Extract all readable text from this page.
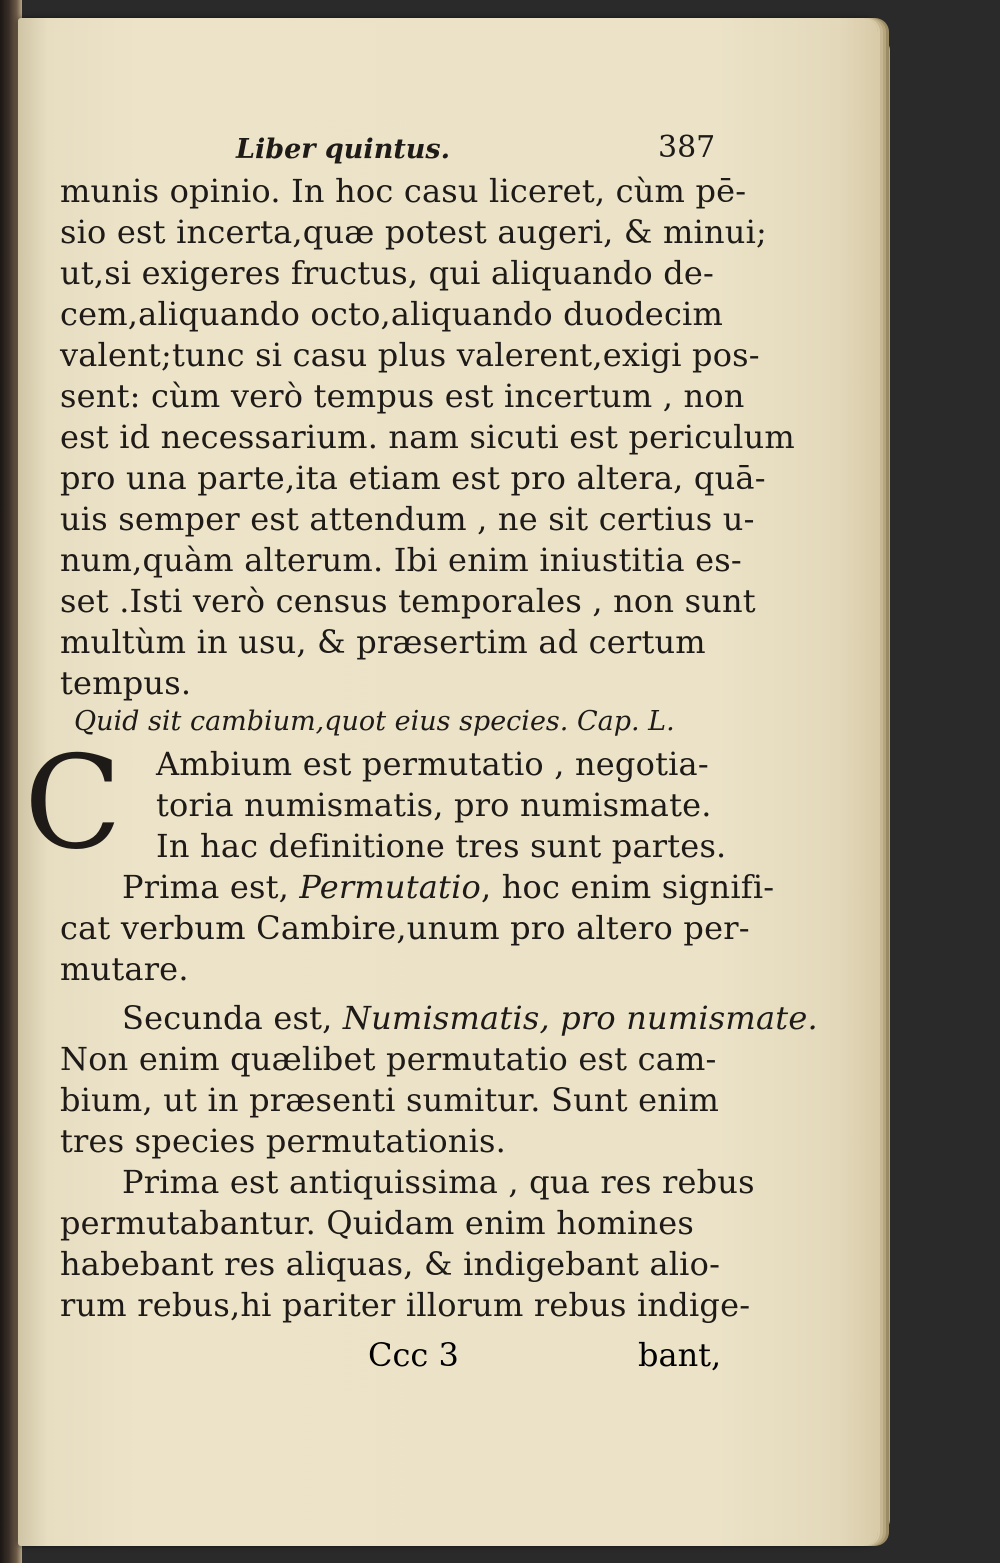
Liber quintus.	387
munis opinio. In hoc casu liceret, cùm pē-
sio est incerta,quæ potest augeri, & minui;
ut,si exigeres fructus, qui aliquando de-
cem,aliquando octo,aliquando duodecim
valent;tunc si casu plus valerent,exigi pos-
sent: cùm verò tempus est incertum , non
est id necessarium. nam sicuti est periculum
pro una parte,ita etiam est pro altera, quā-
uis semper est attendum , ne sit certius u-
num,quàm alterum. Ibi enim iniustitia es-
set .Isti verò census temporales , non sunt
multùm in usu, & præsertim ad certum
tempus.
Quid sit cambium,quot eius species. Cap. L.
C Ambium est permutatio , negotia-
toria numismatis, pro numismate.
In hac definitione tres sunt partes.
Prima est, Permutatio, hoc enim signifi-
cat verbum Cambire,unum pro altero per-
mutare.
Secunda est, Numismatis, pro numismate.
Non enim quælibet permutatio est cam-
bium, ut in præsenti sumitur. Sunt enim
tres species permutationis.
Prima est antiquissima , qua res rebus
permutabantur. Quidam enim homines
habebant res aliquas, & indigebant alio-
rum rebus,hi pariter illorum rebus indige-
Ccc 3	bant,
